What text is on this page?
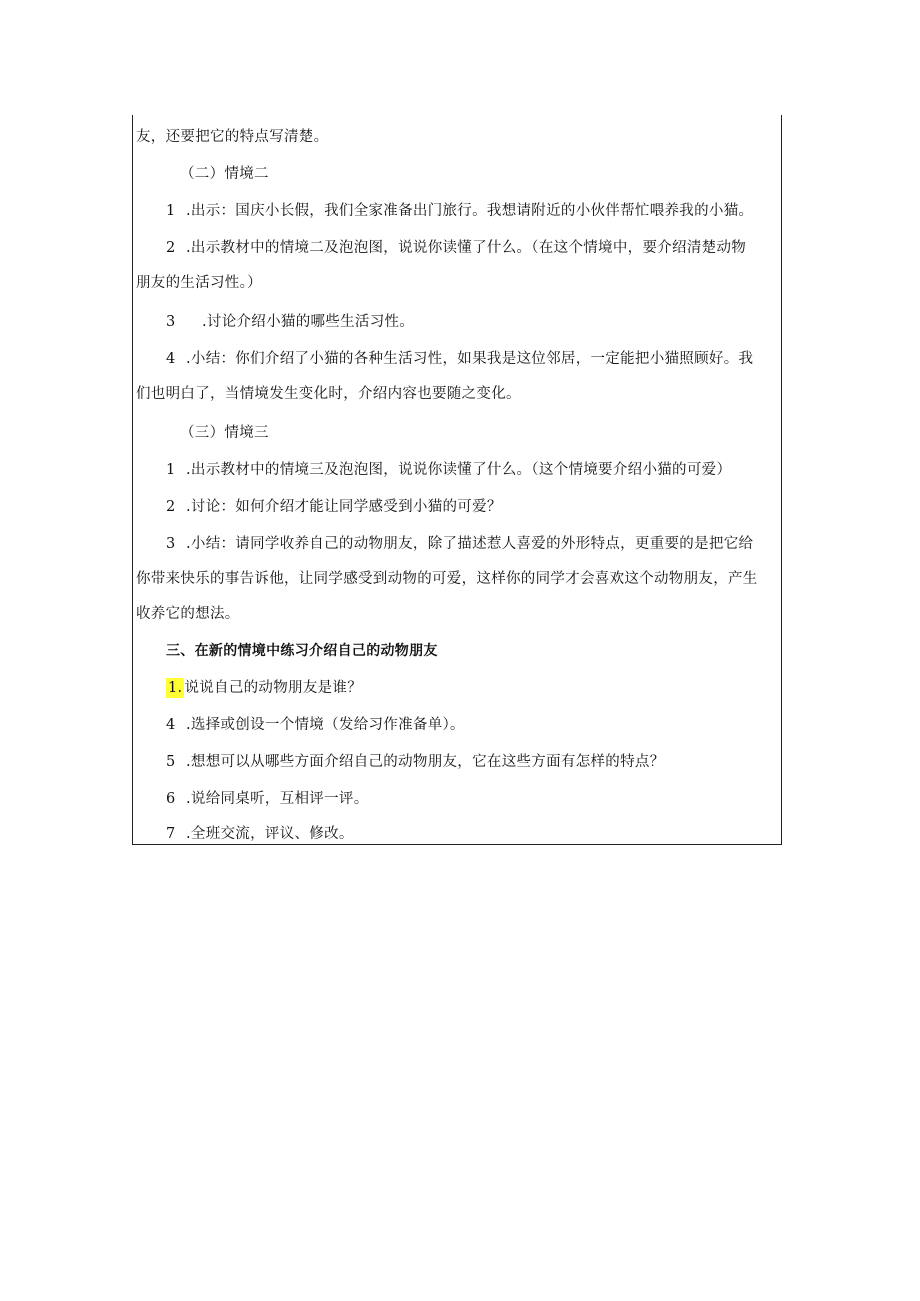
友，还要把它的特点写清楚。
（二）情境二
1 .出示：国庆小长假，我们全家准备出门旅行。我想请附近的小伙伴帮忙喂养我的小猫。
2 .出示教材中的情境二及泡泡图，说说你读懂了什么。（在这个情境中，要介绍清楚动物
朋友的生活习性。）
3 .讨论介绍小猫的哪些生活习性。
4 .小结：你们介绍了小猫的各种生活习性，如果我是这位邻居，一定能把小猫照顾好。我
们也明白了，当情境发生变化时，介绍内容也要随之变化。
（三）情境三
1 .出示教材中的情境三及泡泡图，说说你读懂了什么。（这个情境要介绍小猫的可爱）
2 .讨论：如何介绍才能让同学感受到小猫的可爱？
3 .小结：请同学收养自己的动物朋友，除了描述惹人喜爱的外形特点，更重要的是把它给
你带来快乐的事告诉他，让同学感受到动物的可爱，这样你的同学才会喜欢这个动物朋友，产生
收养它的想法。
三、在新的情境中练习介绍自己的动物朋友
1. 说说自己的动物朋友是谁？
4 .选择或创设一个情境（发给习作准备单）。
5 .想想可以从哪些方面介绍自己的动物朋友，它在这些方面有怎样的特点？
6 .说给同桌听，互相评一评。
7 .全班交流，评议、修改。
